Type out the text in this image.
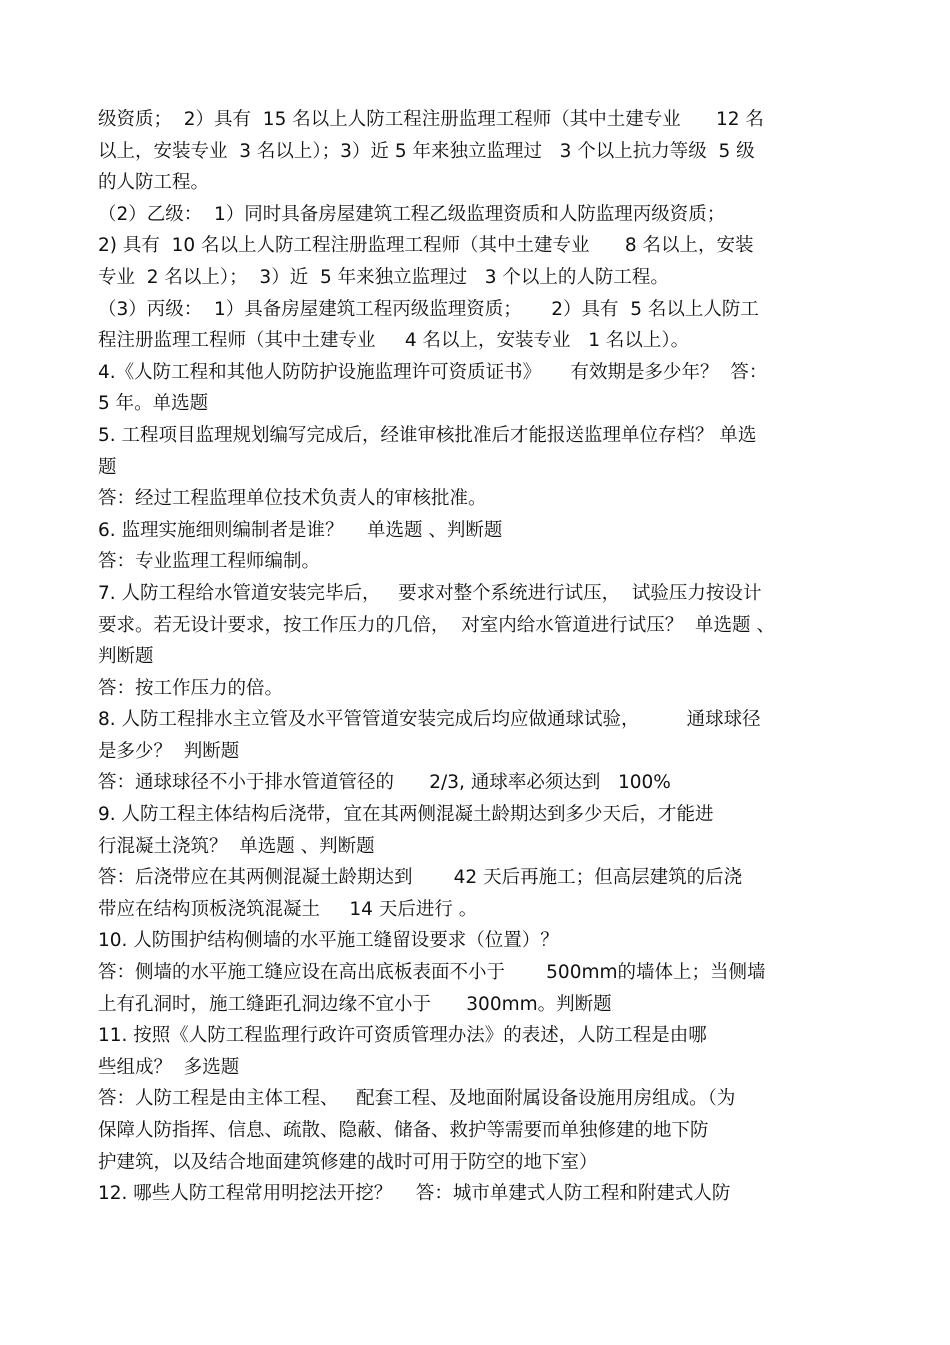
级资质；  2）具有  15 名以上人防工程注册监理工程师（其中土建专业      12 名
以上，安装专业  3 名以上）；3）近 5 年来独立监理过   3 个以上抗力等级  5 级
的人防工程。
（2）乙级：  1）同时具备房屋建筑工程乙级监理资质和人防监理丙级资质；
2) 具有  10 名以上人防工程注册监理工程师（其中土建专业      8 名以上，安装
专业  2 名以上）；  3）近  5 年来独立监理过   3 个以上的人防工程。
（3）丙级：  1）具备房屋建筑工程丙级监理资质；     2）具有  5 名以上人防工
程注册监理工程师（其中土建专业     4 名以上，安装专业   1 名以上）。
4.《人防工程和其他人防防护设施监理许可资质证书》     有效期是多少年？  答：
5 年。单选题
5. 工程项目监理规划编写完成后，经谁审核批准后才能报送监理单位存档？ 单选
题
答：经过工程监理单位技术负责人的审核批准。
6. 监理实施细则编制者是谁？    单选题 、判断题
答：专业监理工程师编制。
7. 人防工程给水管道安装完毕后，   要求对整个系统进行试压，  试验压力按设计
要求。若无设计要求，按工作压力的几倍，  对室内给水管道进行试压？  单选题 、
判断题
答：按工作压力的倍。
8. 人防工程排水主立管及水平管管道安装完成后均应做通球试验，        通球球径
是多少？  判断题
答：通球球径不小于排水管道管径的      2/3, 通球率必须达到   100%
9. 人防工程主体结构后浇带，宜在其两侧混凝土龄期达到多少天后，才能进
行混凝土浇筑？  单选题 、判断题
答：后浇带应在其两侧混凝土龄期达到       42 天后再施工；但高层建筑的后浇
带应在结构顶板浇筑混凝土     14 天后进行 。
10. 人防围护结构侧墙的水平施工缝留设要求（位置）？
答：侧墙的水平施工缝应设在高出底板表面不小于       500mm的墙体上；当侧墙
上有孔洞时，施工缝距孔洞边缘不宜小于      300mm。判断题
11. 按照《人防工程监理行政许可资质管理办法》的表述，人防工程是由哪
些组成？  多选题
答：人防工程是由主体工程、   配套工程、及地面附属设备设施用房组成。（为
保障人防指挥、信息、疏散、隐蔽、储备、救护等需要而单独修建的地下防
护建筑，以及结合地面建筑修建的战时可用于防空的地下室）
12. 哪些人防工程常用明挖法开挖？    答：城市单建式人防工程和附建式人防
